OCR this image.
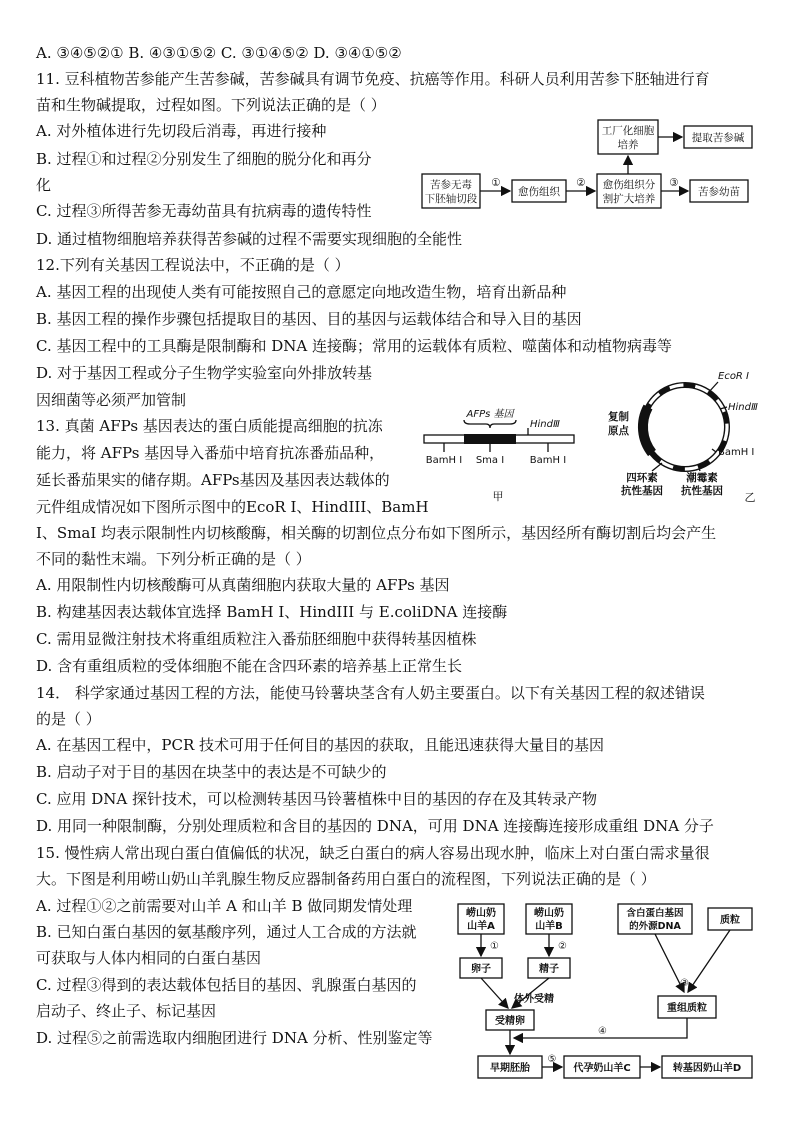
A. ③④⑤②① B. ④③①⑤② C. ③①④⑤② D. ③④①⑤②
11. 豆科植物苦参能产生苦参碱，苦参碱具有调节免疫、抗癌等作用。科研人员利用苦参下胚轴进行育
苗和生物碱提取，过程如图。下列说法正确的是（ ）
A. 对外植体进行先切段后消毒，再进行接种
B. 过程①和过程②分别发生了细胞的脱分化和再分
化
C. 过程③所得苦参无毒幼苗具有抗病毒的遗传特性
D. 通过植物细胞培养获得苦参碱的过程不需要实现细胞的全能性
工厂化细胞
培养
提取苦参碱
苦参无毒
下胚轴切段
①
愈伤组织
② 愈伤组织分
割扩大培养
③
苦参幼苗
12.下列有关基因工程说法中，不正确的是（ ）
A. 基因工程的出现使人类有可能按照自己的意愿定向地改造生物，培育出新品种
B. 基因工程的操作步骤包括提取目的基因、目的基因与运载体结合和导入目的基因
C. 基因工程中的工具酶是限制酶和 DNA 连接酶；常用的运载体有质粒、噬菌体和动植物病毒等
D. 对于基因工程或分子生物学实验室向外排放转基
因细菌等必须严加管制
13. 真菌 AFPs 基因表达的蛋白质能提高细胞的抗冻
能力，将 AFPs 基因导入番茄中培育抗冻番茄品种，
延长番茄果实的储存期。AFPs基因及基因表达载体的
元件组成情况如下图所示图中的EcoR I、HindIII、BamH
I、SmaI 均表示限制性内切核酸酶，相关酶的切割位点分布如下图所示，基因经所有酶切割后均会产生
不同的黏性末端。下列分析正确的是（ ）
A. 用限制性内切核酸酶可从真菌细胞内获取大量的 AFPs 基因
B. 构建基因表达载体宜选择 BamH I、HindIII 与 E.coliDNA 连接酶
C. 需用显微注射技术将重组质粒注入番茄胚细胞中获得转基因植株
D. 含有重组质粒的受体细胞不能在含四环素的培养基上正常生长
AFPs 基因
HindⅢ
BamH Ⅰ Sma Ⅰ	BamH Ⅰ
甲
EcoR Ⅰ
HindⅢ
BamH Ⅰ
复制
原点
四环素
抗性基因
潮霉素
抗性基因 乙
14． 科学家通过基因工程的方法，能使马铃薯块茎含有人奶主要蛋白。以下有关基因工程的叙述错误
的是（ ）
A. 在基因工程中，PCR 技术可用于任何目的基因的获取，且能迅速获得大量目的基因
B. 启动子对于目的基因在块茎中的表达是不可缺少的
C. 应用 DNA 探针技术，可以检测转基因马铃薯植株中目的基因的存在及其转录产物
D. 用同一种限制酶，分别处理质粒和含目的基因的 DNA，可用 DNA 连接酶连接形成重组 DNA 分子
15. 慢性病人常出现白蛋白值偏低的状况，缺乏白蛋白的病人容易出现水肿，临床上对白蛋白需求量很
大。下图是利用崂山奶山羊乳腺生物反应器制备药用白蛋白的流程图，下列说法正确的是（ ）
A. 过程①②之前需要对山羊 A 和山羊 B 做同期发情处理
B. 已知白蛋白基因的氨基酸序列，通过人工合成的方法就
可获取与人体内相同的白蛋白基因
C. 过程③得到的表达载体包括目的基因、乳腺蛋白基因的
启动子、终止子、标记基因
D. 过程⑤之前需选取内细胞团进行 DNA 分析、性别鉴定等
崂山奶
山羊A
崂山奶
山羊B
①	②
卵子	精子
体外受精
受精卵
含白蛋白基因
的外源DNA
质粒
③
重组质粒
④
早期胚胎
⑤
代孕奶山羊C	转基因奶山羊D
